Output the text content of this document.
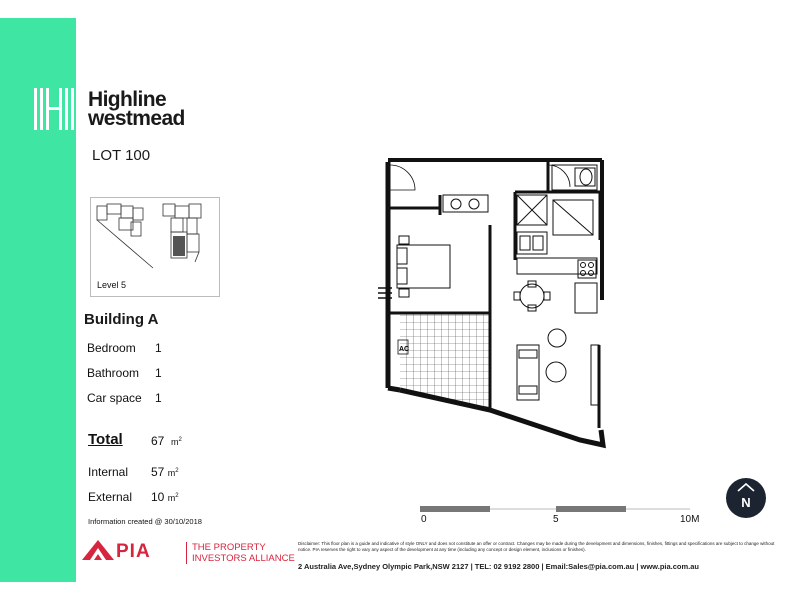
Highline
westmead
LOT 100
Level 5
Building A
Bedroom 1
Bathroom 1
Car space 1
Total 67 $m^2$
Internal 57 $m^2$
External 10 $m^2$
Information created @ 30/10/2018
AC
0	5	10M
N
PIA	THE PROPERTY
INVESTORS ALLIANCE
Disclaimer: This floor plan is a guide and indicative of style ONLY and does not constitute an offer or contract. Changes may be made during the development and dimensions, finishes, fittings and specifications are subject to change without notice. PIA reserves the right to vary any aspect of the development at any time (including any concept or design element, inclusions or finishes).
2 Australia Ave,Sydney Olympic Park,NSW 2127 | TEL: 02 9192 2800 | Email:Sales@pia.com.au | www.pia.com.au
